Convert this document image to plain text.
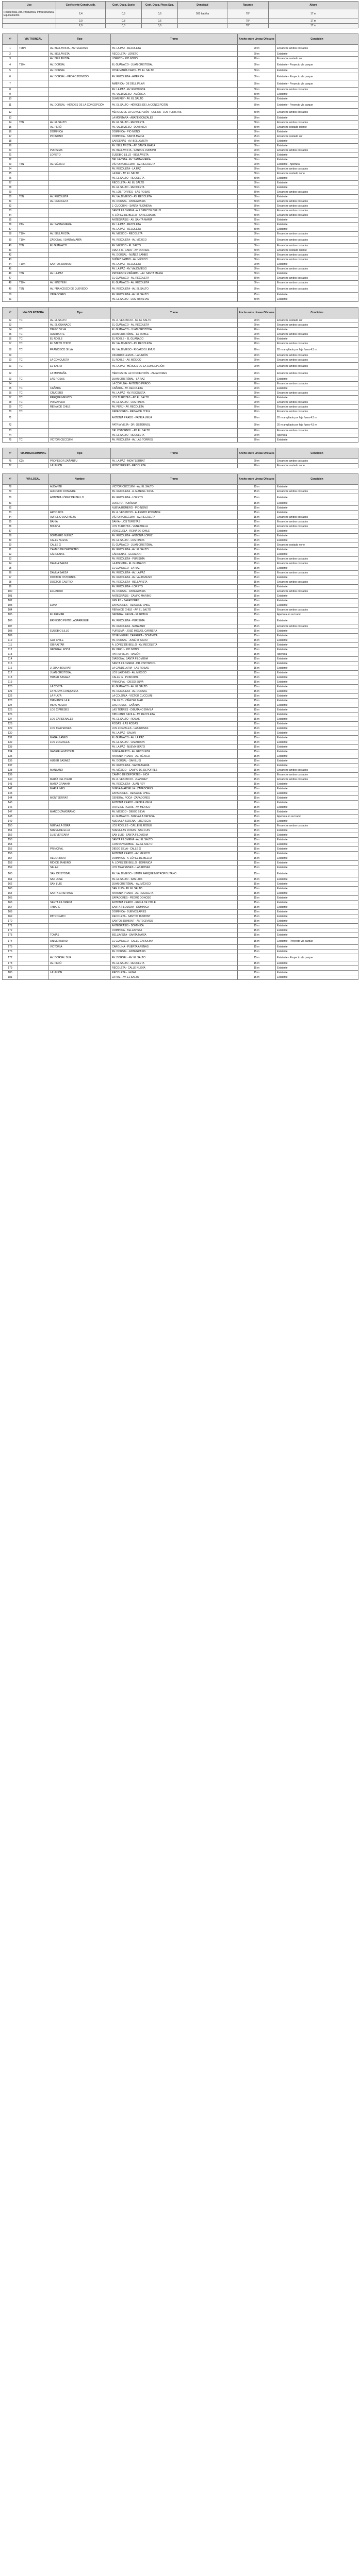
Uso	Coeficiente Constructib.	Coef. Ocup. Suelo	Coef. Ocup. Pisos Sup.	Densidad	Rasante	Altura
Residencial, Act. Productiva, Infraestructura, Equipamiento	2,4	0,8	0,6	500 hab/ha	70°	17 m
	2,0	0,8	0,6		70°	17 m
	2,0	0,8	0,6		70°	17 m
N°	VIA TRONCAL	Tipo	Tramo	Ancho entre Líneas Oficiales	Condición
1	T2BN	AV. BELLAVISTA - ANTEGRASIS	AV. LA PAZ - RECOLETA	20 m	Ensanche ambos costados
2		AV. BELLAVISTA	RECOLETA - LORETO	20 m	Existente
3		AV. BELLAVISTA	LORETO - PIO NONO	20 m	Ensanche costado sur
4	T10N	AV. DORSAL	EL GUANACO - JUAN CRISTOBAL	30 m	Existente - Proyecto vía parque
5		AV. DORSAL	JOSÉ MARÍA CARO - AV. EL SALTO	30 m	Existente
6		AV. DORSAL - PEDRO DONOSO	AV. RECOLETA - AMÉRICA	30 m	Existente - Proyecto vía parque
7			AMÉRICA - DE DELL PILAR	30 m	Existente - Proyecto vía parque
8			AV. LA PAZ - AV. RECOLETA	30 m	Ensanche ambos costados
9			AV. VALDIVIESO - AMÉRICA	30 m	Existente
10			JUAN REY - AV. EL SALTO	30 m	Existente
11		AV. DORSAL - HÉROES DE LA CONCEPCIÓN	AV. EL SALTO - HÉROES DE LA CONCEPCIÓN	30 m	Existente - Proyecto vía parque
12			HÉROES DE LA CONCEPCIÓN - COLINA - LOS TURISTAS	30 m	Ensanche ambos costados
13			LA MONTAÑA - ABATE GONZÁLEZ	30 m	Existente
14	T8N	AV. EL SALTO	AV. EL SALTO - RECOLETA	30 m	Ensanche ambos costados
15		AV. PERÚ	AV. VALDIVIESO - DOMINICA	30 m	Ensanche costado oriente
16		DOMINICA	DOMINICA - PIO NONO	30 m	Existente
17		PIO NONO	DOMINICA - SANTA MARÍA	25 m	Ensanche costado sur
18			SARDENAS - AV. BELLAVISTA	30 m	Existente
19			AV. BELLAVISTA - AV. SANTA MARÍA	30 m	Existente
20		PURÍSIMA	AV. BELLAVISTA - SANTOS DUMONT	20 m	Ensanche ambos costados
21		LORETO	EUSEBIO LILLO - BELLAVISTA	30 m	Existente
22			BELLAVISTA - AV. SANTA MARÍA	30 m	Existente
23	T8N	AV. MÉXICO	VÍCTOR CUCCUINI - AV. RECOLETA	20 m	Existente - Apertura
24			AV. RECOLETA - LA PAZ	30 m	Ensanche ambos costados
25			LA PAZ - AV. EL SALTO	30 m	Ensanche costado norte
26			AV. EL SALTO - RECOLETA	30 m	Existente
27			RECOLETA - AV. EL SALTO	30 m	Existente
28			AV. EL SALTO - RECOLETA	30 m	Existente
29			AV. LOS TORRES - LAS ROSAS	30 m	Ensanche ambos costados
30	T8N	AV. RECOLETA	AV. VALDIVIESO - AV. RECOLETA	30 m	Existente
31		AV. RECOLETA	AV. DORSAL - ANTEGRASIS	30 m	Ensanche ambos costados
32			J. CUCCUINI - SANTA FILOMENA	30 m	Ensanche ambos costados
33			SANTA FILOMENA - A. LÓPEZ DE BELLO	30 m	Ensanche ambos costados
34			A. LÓPEZ DE BELLO - ANTEGRASIS	30 m	Ensanche ambos costados
35			ANTEGRASIS - AV. SANTA MARÍA	25 m	Existente
36	C8N	AV. SANTA MARÍA	AV. LA PAZ - RECOLETA	30 m	Existente
37			AV. LA PAZ - RECOLETA	30 m	Existente
38	T10N	AV. BELLAVISTA	AV. MÉXICO - RECOLETA	30 m	Ensanche ambos costados
39	T10N	ZAGONAL / SANTA MARÍA	AV. RECOLETA - AV. MÉXICO	30 m	Ensanche ambos costados
40	T8N	EL GUANACO	AV. MÉXICO - EL SALTO	30 m	Ensanche ambos costados
41			DIAZ J. M. CARO - AV. DORSAL	30 m	Ensanche costado oriente
42			AV. DORSAL - NUÑEZ SAMBO	30 m	Ensanche ambos costados
43			NUÑEZ SAMBO - AV. MÉXICO	30 m	Ensanche ambos costados
44	T10N	SANTOS DUMONT	AV. LA PAZ - RECOLETA	20 m	Existente
45			AV. LA PAZ - AV. VALDIVIESO	30 m	Ensanche ambos costados
46	T8N	AV. LA PAZ	PROFESOR ZAÑARTU - AV. SANTA MARÍA	30 m	Existente
47			EL GUANACO - AV. RECOLETA	30 m	Ensanche ambos costados
48	T10N	AV. EINSTEIN	EL GUANACO - AV. RECOLETA	30 m	Ensanche ambos costados
49	T8N	AV. FRANCISCO DE QUEVEDO	AV. RECOLETA - AV. EL SALTO	30 m	Ensanche ambos costados
50		ZAPADORES	AV. RECOLETA - AV. EL SALTO	25 m	Existente
51			AV. EL SALTO - LOS TURISTAS	30 m	Existente
N°	VIA COLECTORA	Tipo	Tramo	Ancho entre Líneas Oficiales	Condición
52	TC	AV. EL SALTO	AV. A. VESPUCIO - AV. EL SALTO	20 m	Ensanche costado sur
53		AV. EL GUANACO	EL GUANACO - AV. RECOLETA	20 m	Ensanche ambos costados
54	TC	DIEGO SILVA	EL GUANACO - JUAN CRISTÓBAL	20 m	Existente
55	TC	ALMIRANTE	JUAN CRISTÓBAL - EL ROBLE	20 m	Ensanche ambos costados
56	TC	EL ROBLE	EL ROBLE - EL GUANACO	20 m	Existente
57	TC	EL SALTO CHICO	AV. VALDIVIESO - AV. RECOLETA	20 m	Ensanche ambos costados
58	TC	FRANCISCO SILVA	AV. VALDIVIESO - RICARDO LEMUS	20 m	20 m ampliado por faja fuera 4.5 m
59			RICARDO LEMUS - LA UNIÓN	20 m	Ensanche ambos costados
60	TC	LA CONQUISTA	EL ROBLE - AV. MÉXICO	20 m	Ensanche ambos costados
61	TC	EL SALTO	AV. LA PAZ - HÉROES DE LA CONCEPCIÓN	20 m	Ensanche ambos costados
62		LA MONTAÑA	HÉROES DE LA CONCEPCIÓN - ZAPADORES	20 m	Ensanche ambos costados
63	TC	LAS ROSAS	JUAN CRISTÓBAL - LA PAZ	20 m	Existente
64			LA CORUÑA - ANTONIO PRADO	20 m	Ensanche ambos costados
65	TC	CAÑADA	CAÑADA - AV. RECOLETA	20 m	Existente
66	TC	CRUCERO	AV. LA PAZ - AV. RECOLETA	20 m	Ensanche ambos costados
67	TC	PARQUE MÉXICO	LOS TURISTAS - AV. EL SALTO	20 m	Existente
68	TC	PRIMAVERA	AV. EL SALTO - LOS PINOS	20 m	Ensanche ambos costados
69	TC	REINA DE CHILE	AV. PERÚ - AV. RECOLETA	20 m	Ensanche ambos costados
70	TC		ZAPADORES - REINA DE CHILE	20 m	Ensanche ambos costados
71			ANTONIA PRADO - PATRIA VIEJA	20 m	20 m ampliado por faja fuera 4.5 m
72			PATRIA VIEJA - DR. OSTORNOL	20 m	20 m ampliado por faja fuera 4.5 m
73			DR. OSTORNOL - AV. EL SALTO	20 m	Ensanche ambos costados
74			AV. EL SALTO - RECOLETA	20 m	Apertura
75	TC	VÍCTOR CUCCUINI	AV. RECOLETA - AV. LAS TORRES	20 m	Existente
N°	VIA INTERCOMUNAL	Tipo	Tramo	Ancho entre Líneas Oficiales	Condición
76	C2N	PROFESOR ZAÑARTU	AV. LA PAZ - MONTSERRAT	20 m	Ensanche ambos costados
77		LA UNIÓN	MONTSERRAT - RECOLETA	20 m	Ensanche costado norte
N°	VIA LOCAL	Nombre	Tramo	Ancho entre Líneas Oficiales	Condición
78		ALDANTE	VÍCTOR CUCCUINI - AV. EL SALTO	15 m	Existente
79		ALFREDO ROSENDE	AV. RECOLETA - A. MANUEL SILVA	15 m	Ensanche ambos costados
80		ANTONIA LÓPEZ DE BELLO	AV. RECOLETA - LORETO	15 m	Existente
81			LORETO - PURÍSIMA	15 m	Existente
82			NUEVA ROMERO - PIO NONO	15 m	Existente
83		ARCO IRIS	AV. A. VESPUCIO - ALFREDO ROSENDE	15 m	Existente
84		AURELIO DIAZ MEZA	VÍCTOR CUCCUINI - AV. RECOLETA	15 m	Ensanche ambos costados
85		BAHIA	BAHÍA - LOS TURISTAS	15 m	Ensanche ambos costados
86		BOLIVIA	LOS TURISTAS - VENEZUELA	15 m	Ensanche ambos costados
87			VENEZUELA - REINA DE CHILE	15 m	Existente
88		BOMBERO NUÑEZ	AV. RECOLETA - ANTONIA LÓPEZ	15 m	Existente
89		CALLE NUEVA	AV. EL SALTO - LOS PINOS	15 m	Existente
90		CALLE G	EL GUANACO - JUAN CRISTÓBAL	15 m	Ensanche costado norte
91		CAMPO DE DEPORTES	AV. RECOLETA - AV. EL SALTO	15 m	Existente
92		CÁRDENAS	CÁRDENAS - ECUADOR	15 m	Existente
93			AV. RECOLETA - PURÍSIMA	15 m	Ensanche ambos costados
94		DAVILA BAEZA	LA AVENIDA - EL GUANACO	15 m	Ensanche ambos costados
95			EL GUANACO - LA PAZ	15 m	Existente
96		DAVILA BAEZA	AV. RECOLETA - AV. LA PAZ	15 m	Ensanche ambos costados
97		DOCTOR OSTORNOL	AV. RECOLETA - AV. VALDIVIESO	15 m	Existente
98		DOCTOR CASTRO	AV. RECOLETA - BELLAVISTA	15 m	Ensanche ambos costados
99			AV. RECOLETA - LORETO	15 m	Existente
100		ECUADOR	AV. DORSAL - ANTEGRASIS	15 m	Ensanche ambos costados
101			ANTEGRASIS - CAMPO MARINO	15 m	Existente
102			INGLÉS - ZAPADORES	15 m	Existente
103		EDNA	ZAPADORES - REINA DE CHILE	15 m	Existente
104			REINA DE CHILE - AV. EL SALTO	15 m	Ensanche ambos costados
105		EL PALMAR	GENERAL PALMA - EL ROBLE	15 m	Apertura en su tramo
106		ERNESTO PINTO LAGARRIGUE	AV. RECOLETA - PURÍSIMA	15 m	Existente
107			AV. RECOLETA - MANZANO	15 m	Ensanche ambos costados
108		EUSEBIO LILLO	PURÍSIMA - JOSÉ MIGUEL CARRERA	15 m	Existente
109			JOSÉ MIGUEL CARRERA - DOMINICA	15 m	Existente
110		GAY CHILE	AV. DORSAL - JOSÉ M. CARO	15 m	Existente
111		GIBRALTAR	A. LÓPEZ DE BELLO - AV. RECOLETA	15 m	Existente
112		GENERAL FOCA	AV. PERÚ - PIO NONO	15 m	Existente
113			PATRIA VIEJA - RAMÓN	15 m	Apertura
114			DIAGONAL SANTA FILOMENA	15 m	Existente
115			SANTA FILOMENA - DR. OSTORNOL	15 m	Existente
116		JI JUAN BOLIVAR	LA CANDELARIA - LAS ROSAS	15 m	Existente
117		JUAN CRISTÓBAL	LOS LAUDINIS - AV. MÉXICO	15 m	Existente
118		HUBER BASAEZ	CALLE G - PRINCIPAL	15 m	Existente
119			PRINCIPAL - DIEGO SILVA	15 m	Existente
120		LA COSTA	EL GUANACO - AV. EL SALTO	15 m	Existente
121		LA NUEVA CONQUISTA	AV. RECOLETA - AV. DORSAL	15 m	Existente
122		LA PLATA	LA COLONIA - VÍCTOR CUCCUINI	15 m	Existente
123		DIAMANTE I A.E	CALLE C - VIÑA DEL MAR	15 m	Existente
124		INDIO HUERA	LAS ROSAS - CAÑADA	15 m	Existente
125		LOS CIPRESES	LAS TORRES - DIBUJANO DAVILA	15 m	Existente
126			DIBUJANO DAVILA - AV. RECOLETA	15 m	Existente
127		LOS CARDENALES	AV. EL SALTO - ROSAS	15 m	Existente
128			ROSAS - LAS ROSAS	15 m	Existente
129		LOS TRAPENSES	LOS ZORZALES - LAS ROSAS	15 m	Existente
130			AV. LA PAZ - SALAR	15 m	Existente
131		MAGALLANES	EL GUANACO - AV. LA PAZ	15 m	Existente
132		LOS ZORZALES	AV. EL SALTO - CIMARRON	15 m	Existente
133			AV. LA PAZ - NUEVA BEATO	15 m	Existente
134		GABRIELA MISTRAL	NUEVA BEATO - AV. RECOLETA	15 m	Existente
135			ANTONIA PRADO - AV. MÉXICO	15 m	Existente
136		HUBER BASAEZ	AV. DORSAL - SAN LUIS	15 m	Existente
137			AV. RECOLETA - SANTA MARÍA	15 m	Existente
138		MANZANO	AV. MÉXICO - CAMPO DE DEPORTES	15 m	Ensanche ambos costados
139			CAMPO DE DEPORTES - INCA	15 m	Ensanche ambos costados
140		MARÍA DEL PILAR	AV. A. VESPUCIO - JUAN REY	15 m	Ensanche ambos costados
141		MARÍA GRAHAM	AV. RECOLETA - JUAN REY	15 m	Existente
142		MARÍA INES	NUEVA MARSELLA - ZAPADORES	15 m	Existente
143			ZAPADORES - REINA DE CHILE	15 m	Existente
144		MONTSERRAT	GENERAL FOCA - ZAPADORES	15 m	Existente
145			ANTONIA PRADO - PATRIA VIEJA	15 m	Existente
146			ORTIZ DE ROZAS - AV. MÉXICO	15 m	Existente
147		MARCO ZAMORANO	AV. MÉXICO - DIEGO SILVA	15 m	Existente
148			EL GUANACO - NUEVA LA DEHESA	15 m	Apertura en su tramo
149			NUEVA LA SERENA - LUCRECIA	15 m	Existente
150		NUEVA LA OBRA	LOS ROBLES - CALLE EL ROBLE	15 m	Ensanche ambos costados
151		NUEVA DE ELLA	NUEVA LAS ROSAS - SAN LUIS	15 m	Existente
152		LUIS VERGARA	SAN LUIS - SANTA FILOMENA	15 m	Existente
153			SANTA FILOMENA - AV. EL SALTO	15 m	Existente
154			CON NOVIEMBRE - AV. EL SALTO	15 m	Existente
155		PRINCIPAL	DIEGO SILVA - CALLE G	15 m	Existente
156			ANTONIA PRADO - AV. MÉXICO	15 m	Existente
157		RECORRIDO	DOMINICA - A. LÓPEZ DE BELLO	15 m	Existente
158		RÍO DE JANEIRO	A. LÓPEZ DE BELLO - DOMINICA	15 m	Existente
159		SALAR	LOS TRAPENSES - LAS ROSAS	15 m	Existente
160		SAN CRISTÓBAL	AV. VALDIVIESO - LIMITE PARQUE METROPOLITANO	15 m	Existente
161		SAN JOSÉ	AV. EL SALTO - SAN LUIS	15 m	Existente
162		SAN LUIS	JUAN CRISTÓBAL - AV. MÉXICO	15 m	Existente
163			SAN LUIS - AV. EL SALTO	15 m	Existente
164		SANTA CRISTIANA	ANTONIA PRADO - AV. RECOLETA	15 m	Existente
165			ZAPADORES - PEDRO DONOSO	15 m	Existente
166		SANTA FILOMENA	ANTONIA PRADO - REINA DE CHILE	15 m	Existente
167		TABARE	SANTA FILOMENA - DOMINICA	15 m	Existente
168			DOMINICA - BUENOS AIRES	15 m	Existente
169		PATRONATO	RECOLETA - SANTOS DUMONT	15 m	Existente
170			SANTOS DUMONT - ANTEGRASIS	15 m	Existente
171			ANTEGRASIS - DOMINICA	15 m	Existente
172			DOMINICA - BELLAVISTA	15 m	Existente
173		TOMAS	BELLAVISTA - SANTA MARÍA	15 m	Existente
174		UNIVERSIDAD	EL GUANACO - CALLE CAROLINA	15 m	Existente - Proyecto vía parque
175		VICTORIA	CAROLINA - PUERTA ARENAS	15 m	Existente
176			AV. DORSAL - ANTEGRASIS	15 m	Existente
177		AV. DORSAL SUR	AV. DORSAL - AV. EL SALTO	15 m	Existente - Proyecto vía parque
178		AV. PERÚ	AV. EL SALTO - RECOLETA	15 m	Existente
179			RECOLETA - CALLE NUEVA	15 m	Existente
180		LA UNIÓN	RECOLETA - LA PAZ	15 m	Existente
181			LA PAZ - AV. EL SALTO	15 m	Existente
